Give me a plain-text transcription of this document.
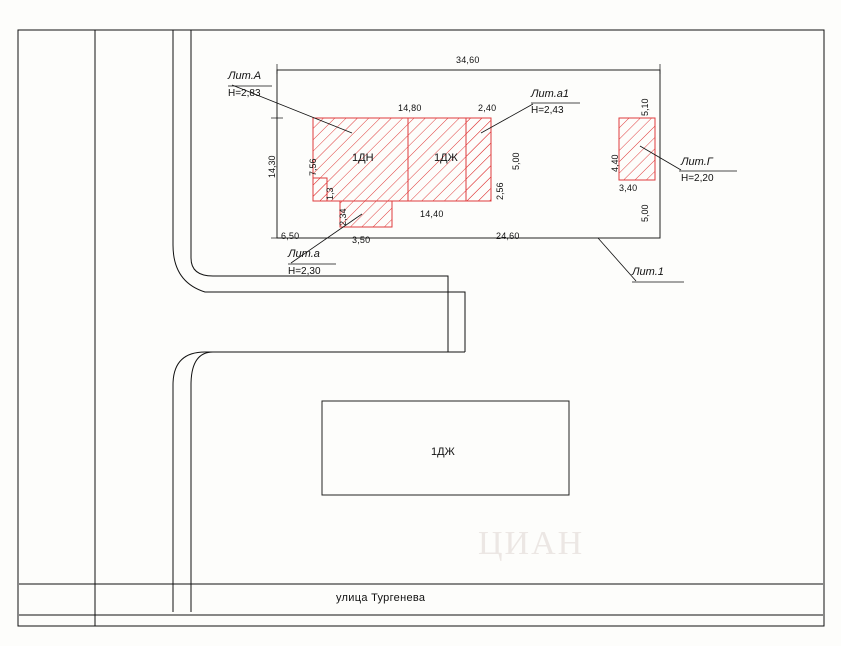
34,60
14,80	2,40	5,10
4,40
3,40
5,00
5,00
2,56
14,30	7,56
1,3
2,34
6,50	3,50
14,40
24,60
1ДН	1ДЖ
1ДЖ
Лит.А
H=2,83
Лит.а
H=2,30
Лит.а1
H=2,43
Лит.Г
H=2,20
Лит.1
улица Тургенева
ЦИАН
